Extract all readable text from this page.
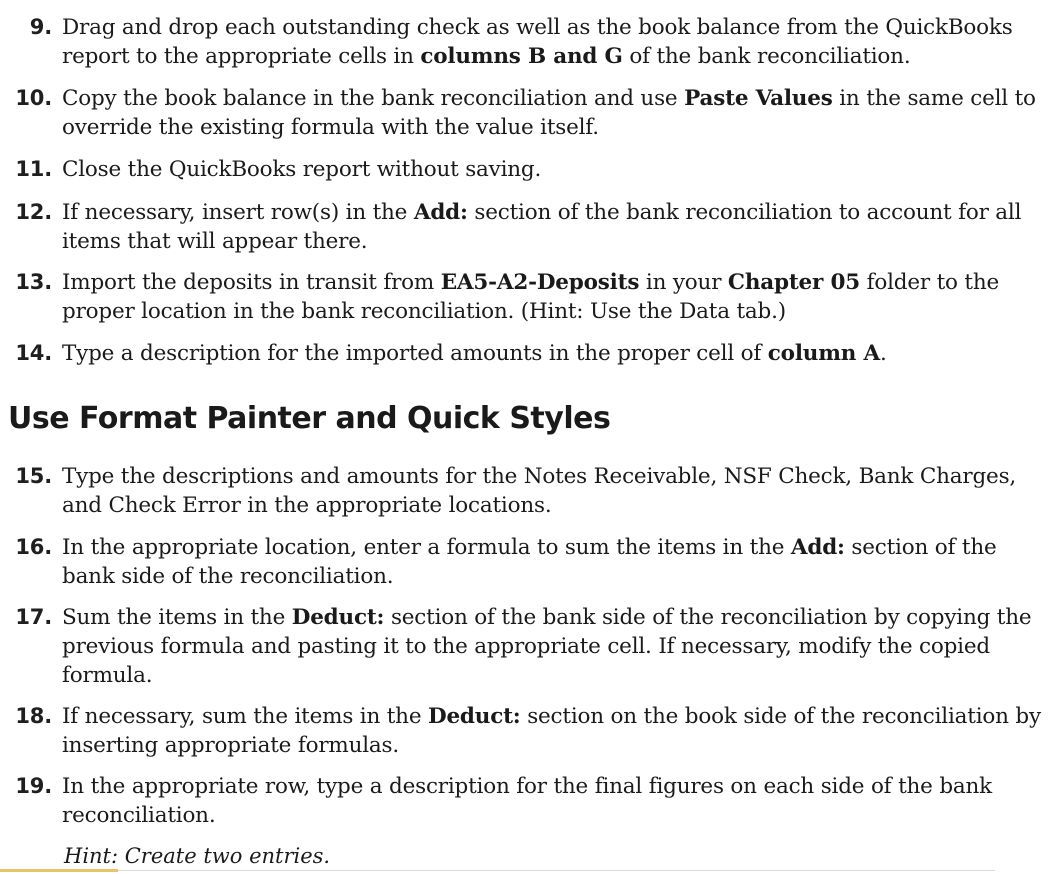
9. Drag and drop each outstanding check as well as the book balance from the QuickBooks report to the appropriate cells in columns B and G of the bank reconciliation.
10. Copy the book balance in the bank reconciliation and use Paste Values in the same cell to override the existing formula with the value itself.
11. Close the QuickBooks report without saving.
12. If necessary, insert row(s) in the Add: section of the bank reconciliation to account for all items that will appear there.
13. Import the deposits in transit from EA5-A2-Deposits in your Chapter 05 folder to the proper location in the bank reconciliation. (Hint: Use the Data tab.)
14. Type a description for the imported amounts in the proper cell of column A.
Use Format Painter and Quick Styles
15. Type the descriptions and amounts for the Notes Receivable, NSF Check, Bank Charges, and Check Error in the appropriate locations.
16. In the appropriate location, enter a formula to sum the items in the Add: section of the bank side of the reconciliation.
17. Sum the items in the Deduct: section of the bank side of the reconciliation by copying the previous formula and pasting it to the appropriate cell. If necessary, modify the copied formula.
18. If necessary, sum the items in the Deduct: section on the book side of the reconciliation by inserting appropriate formulas.
19. In the appropriate row, type a description for the final figures on each side of the bank reconciliation.
Hint: Create two entries.
